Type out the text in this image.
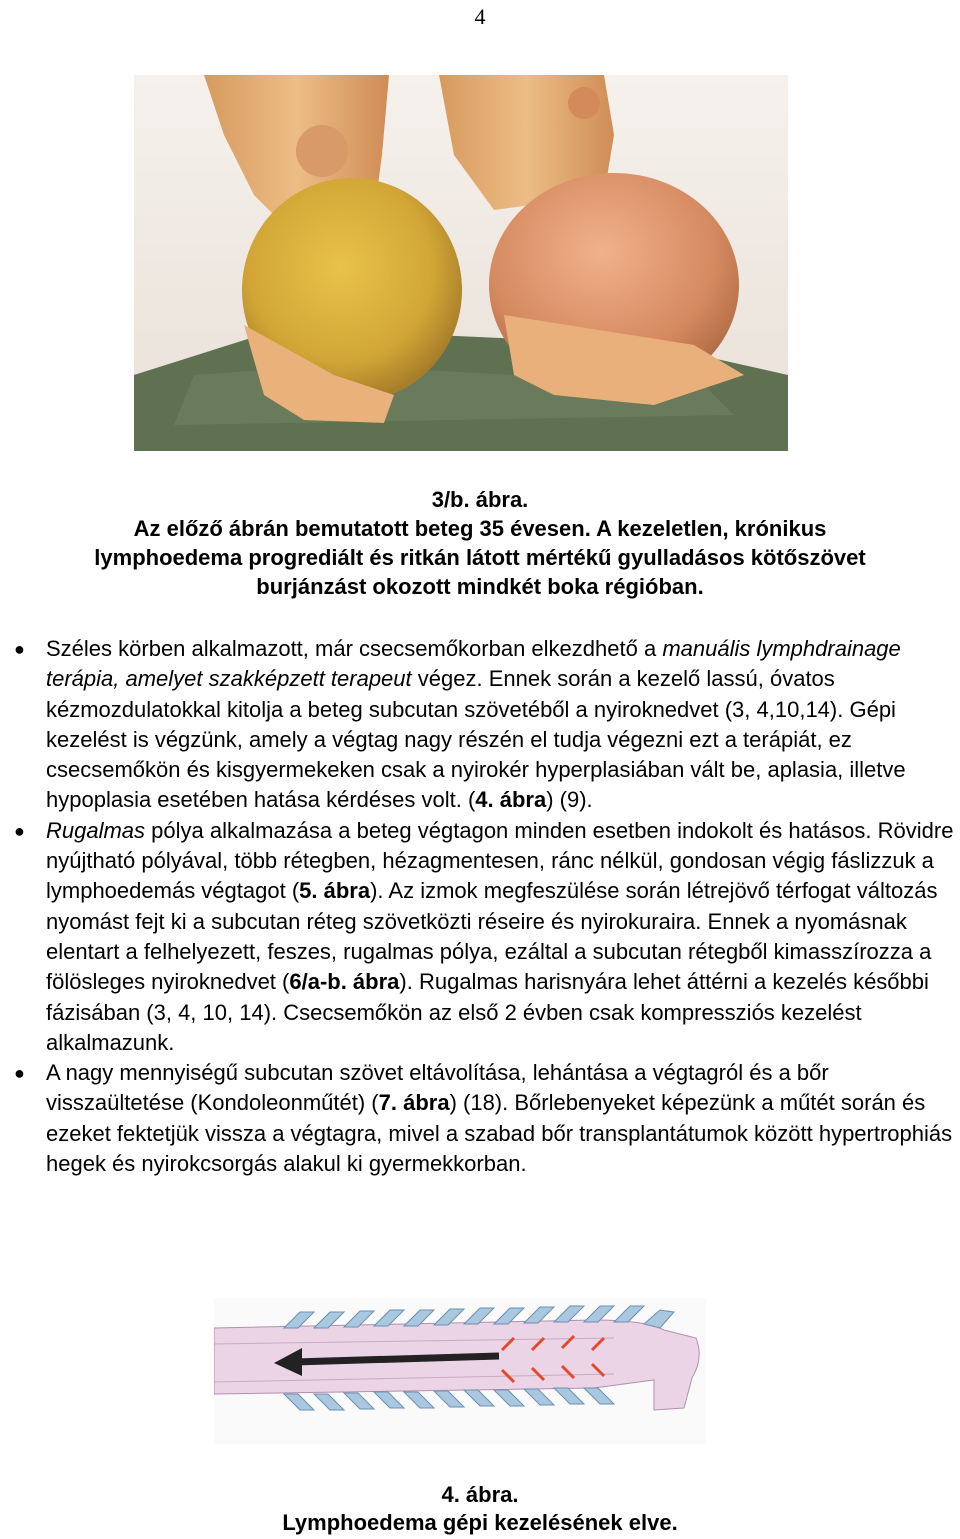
4
3/b. ábra.
Az előző ábrán bemutatott beteg 35 évesen. A kezeletlen, krónikus
lymphoedema progrediált és ritkán látott mértékű gyulladásos kötőszövet
burjánzást okozott mindkét boka régióban.
● Széles körben alkalmazott, már csecsemőkorban elkezdhető a manuális lymphdrainage terápia, amelyet szakképzett terapeut végez. Ennek során a kezelő lassú, óvatos kézmozdulatokkal kitolja a beteg subcutan szövetéből a nyiroknedvet (3, 4,10,14). Gépi kezelést is végzünk, amely a végtag nagy részén el tudja végezni ezt a terápiát, ez csecsemőkön és kisgyermekeken csak a nyirokér hyperplasiában vált be, aplasia, illetve hypoplasia esetében hatása kérdéses volt. (4. ábra) (9).
● Rugalmas pólya alkalmazása a beteg végtagon minden esetben indokolt és hatásos. Rövidre nyújtható pólyával, több rétegben, hézagmentesen, ránc nélkül, gondosan végig fáslizzuk a lymphoedemás végtagot (5. ábra). Az izmok megfeszülése során létrejövő térfogat változás nyomást fejt ki a subcutan réteg szövetközti réseire és nyirokuraira. Ennek a nyomásnak elentart a felhelyezett, feszes, rugalmas pólya, ezáltal a subcutan rétegből kimasszírozza a fölösleges nyiroknedvet (6/a-b. ábra). Rugalmas harisnyára lehet áttérni a kezelés későbbi fázisában (3, 4, 10, 14). Csecsemőkön az első 2 évben csak kompressziós kezelést alkalmazunk.
● A nagy mennyiségű subcutan szövet eltávolítása, lehántása a végtagról és a bőr visszaültetése (Kondoleonműtét) (7. ábra) (18). Bőrlebenyeket képezünk a műtét során és ezeket fektetjük vissza a végtagra, mivel a szabad bőr transplantátumok között hypertrophiás hegek és nyirokcsorgás alakul ki gyermekkorban.
4. ábra.
Lymphoedema gépi kezelésének elve.
